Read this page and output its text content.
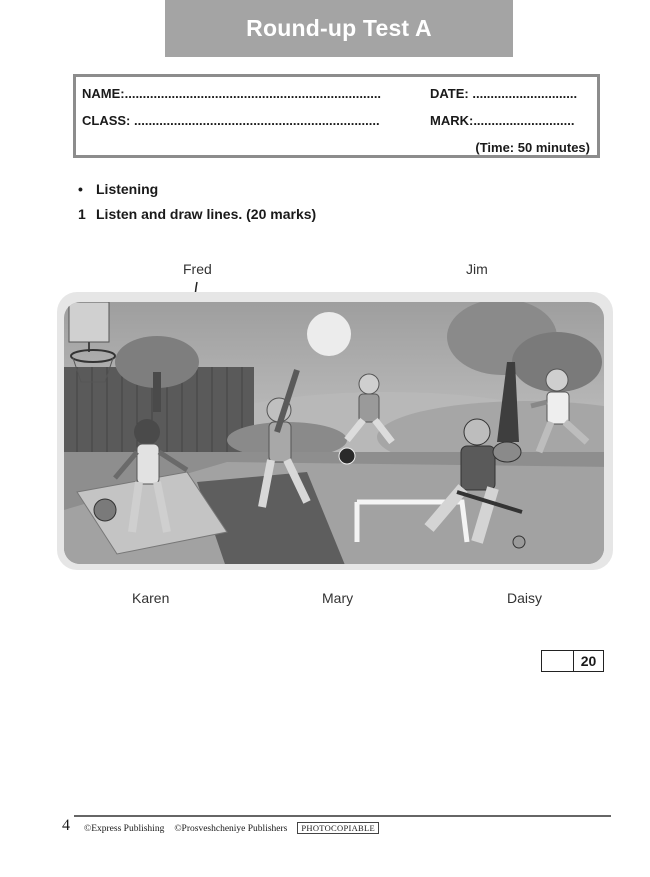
Round-up Test A
NAME:.......................................................................	DATE: .............................
CLASS: ....................................................................	MARK:............................
(Time: 50 minutes)
• Listening
1 Listen and draw lines. (20 marks)
Fred	Jim
Karen	Mary	Daisy
20
4 ©Express Publishing ©Prosveshcheniye Publishers PHOTOCOPIABLE
